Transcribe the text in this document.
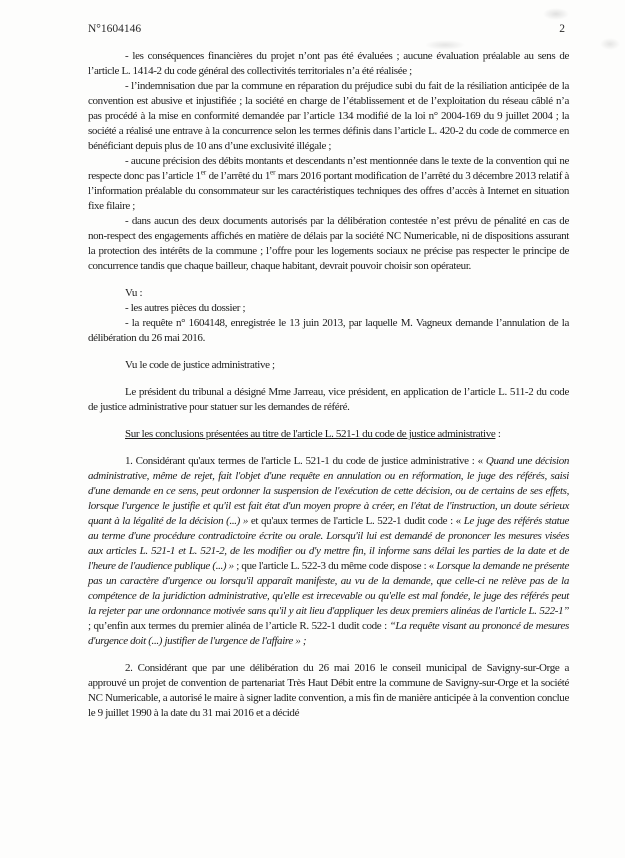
N°1604146	2

- les conséquences financières du projet n’ont pas été évaluées ; aucune évaluation préalable au sens de l’article L. 1414-2 du code général des collectivités territoriales n’a été réalisée ;

- l’indemnisation due par la commune en réparation du préjudice subi du fait de la résiliation anticipée de la convention est abusive et injustifiée ; la société en charge de l’établissement et de l’exploitation du réseau câblé n’a pas procédé à la mise en conformité demandée par l’article 134 modifié de la loi n° 2004-169 du 9 juillet 2004 ; la société a réalisé une entrave à la concurrence selon les termes définis dans l’article L. 420-2 du code de commerce en bénéficiant depuis plus de 10 ans d’une exclusivité illégale ;

- aucune précision des débits montants et descendants n’est mentionnée dans le texte de la convention qui ne respecte donc pas l’article 1er de l’arrêté du 1er mars 2016 portant modification de l’arrêté du 3 décembre 2013 relatif à l’information préalable du consommateur sur les caractéristiques techniques des offres d’accès à Internet en situation fixe filaire ;

- dans aucun des deux documents autorisés par la délibération contestée n’est prévu de pénalité en cas de non-respect des engagements affichés en matière de délais par la société NC Numericable, ni de dispositions assurant la protection des intérêts de la commune ; l’offre pour les logements sociaux ne précise pas respecter le principe de concurrence tandis que chaque bailleur, chaque habitant, devrait pouvoir choisir son opérateur.

Vu :

- les autres pièces du dossier ;

- la requête n° 1604148, enregistrée le 13 juin 2013, par laquelle M. Vagneux demande l’annulation de la délibération du 26 mai 2016.

Vu le code de justice administrative ;

Le président du tribunal a désigné Mme Jarreau, vice président, en application de l’article L. 511-2 du code de justice administrative pour statuer sur les demandes de référé.

Sur les conclusions présentées au titre de l'article L. 521-1 du code de justice administrative :

1. Considérant qu'aux termes de l'article L. 521-1 du code de justice administrative : « Quand une décision administrative, même de rejet, fait l'objet d'une requête en annulation ou en réformation, le juge des référés, saisi d'une demande en ce sens, peut ordonner la suspension de l'exécution de cette décision, ou de certains de ses effets, lorsque l'urgence le justifie et qu'il est fait état d'un moyen propre à créer, en l'état de l'instruction, un doute sérieux quant à la légalité de la décision (...) » et qu'aux termes de l'article L. 522-1 dudit code : « Le juge des référés statue au terme d'une procédure contradictoire écrite ou orale. Lorsqu'il lui est demandé de prononcer les mesures visées aux articles L. 521-1 et L. 521-2, de les modifier ou d'y mettre fin, il informe sans délai les parties de la date et de l'heure de l'audience publique (...) » ; que l'article L. 522-3 du même code dispose : « Lorsque la demande ne présente pas un caractère d'urgence ou lorsqu'il apparaît manifeste, au vu de la demande, que celle-ci ne relève pas de la compétence de la juridiction administrative, qu'elle est irrecevable ou qu'elle est mal fondée, le juge des référés peut la rejeter par une ordonnance motivée sans qu'il y ait lieu d'appliquer les deux premiers alinéas de l'article L. 522-1” ; qu’enfin aux termes du premier alinéa de l’article R. 522-1 dudit code : “La requête visant au prononcé de mesures d'urgence doit (...) justifier de l'urgence de l'affaire » ;

2. Considérant que par une délibération du 26 mai 2016 le conseil municipal de Savigny-sur-Orge a approuvé un projet de convention de partenariat Très Haut Débit entre la commune de Savigny-sur-Orge et la société NC Numericable, a autorisé le maire à signer ladite convention, a mis fin de manière anticipée à la convention conclue le 9 juillet 1990 à la date du 31 mai 2016 et a décidé
